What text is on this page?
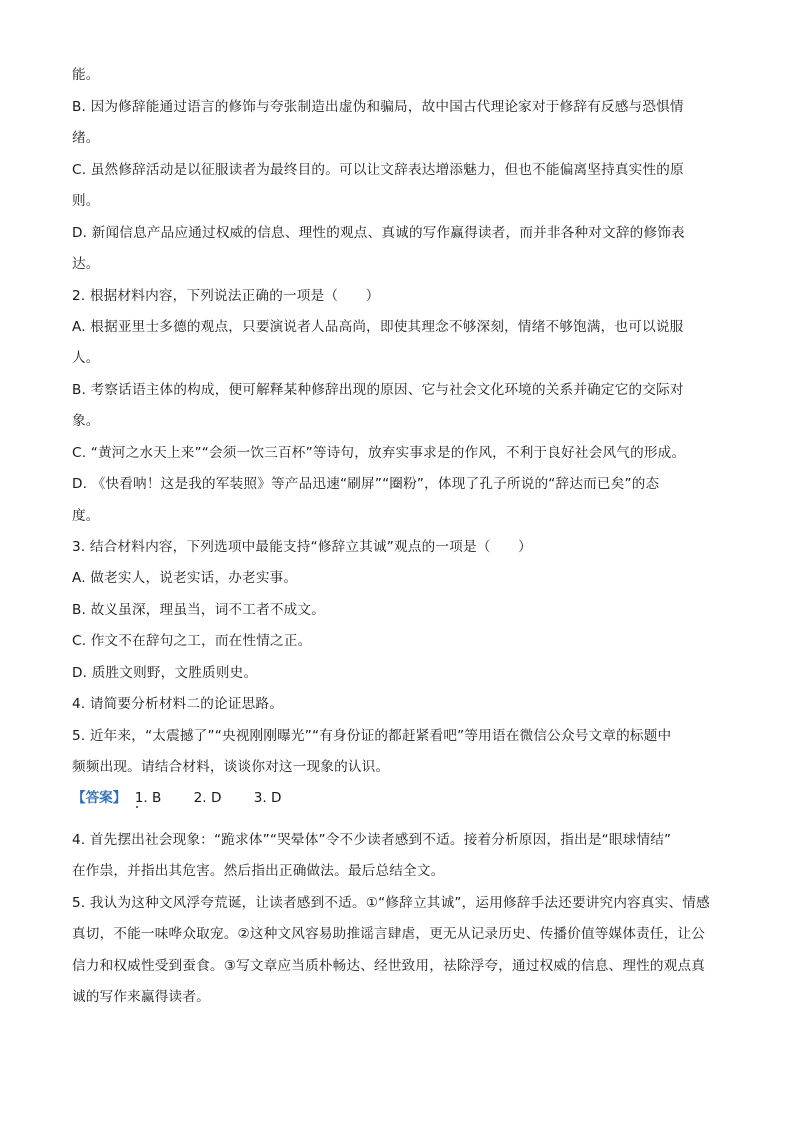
能。
B. 因为修辞能通过语言的修饰与夸张制造出虚伪和骗局，故中国古代理论家对于修辞有反感与恐惧情
绪。
C. 虽然修辞活动是以征服读者为最终目的。可以让文辞表达增添魅力，但也不能偏离坚持真实性的原
则。
D. 新闻信息产品应通过权威的信息、理性的观点、真诚的写作赢得读者，而并非各种对文辞的修饰表
达。
2. 根据材料内容，下列说法正确的一项是（　　）
A. 根据亚里士多德的观点，只要演说者人品高尚，即使其理念不够深刻，情绪不够饱满，也可以说服
人。
B. 考察话语主体的构成，便可解释某种修辞出现的原因、它与社会文化环境的关系并确定它的交际对
象。
C. “黄河之水天上来”“会须一饮三百杯”等诗句，放弃实事求是的作风，不利于良好社会风气的形成。
D. 《快看呐！这是我的军装照》等产品迅速“刷屏”“圈粉”，体现了孔子所说的“辞达而已矣”的态
度。
3. 结合材料内容，下列选项中最能支持“修辞立其诚”观点的一项是（　　）
A. 做老实人，说老实话，办老实事。
B. 故义虽深，理虽当，词不工者不成文。
C. 作文不在辞句之工，而在性情之正。
D. 质胜文则野，文胜质则史。
4. 请简要分析材料二的论证思路。
5. 近年来，“太震撼了”“央视刚刚曝光”“有身份证的都赶紧看吧”等用语在微信公众号文章的标题中
频频出现。请结合材料，谈谈你对这一现象的认识。
【答案】 1. B 2. D 3. D
4. 首先摆出社会现象：“跪求体”“哭晕体”令不少读者感到不适。接着分析原因，指出是“眼球情结”
在作祟，并指出其危害。然后指出正确做法。最后总结全文。
5. 我认为这种文风浮夸荒诞，让读者感到不适。①“修辞立其诚”，运用修辞手法还要讲究内容真实、情感
真切，不能一味哗众取宠。②这种文风容易助推谣言肆虐，更无从记录历史、传播价值等媒体责任，让公
信力和权威性受到蚕食。③写文章应当质朴畅达、经世致用，祛除浮夸，通过权威的信息、理性的观点真
诚的写作来赢得读者。
